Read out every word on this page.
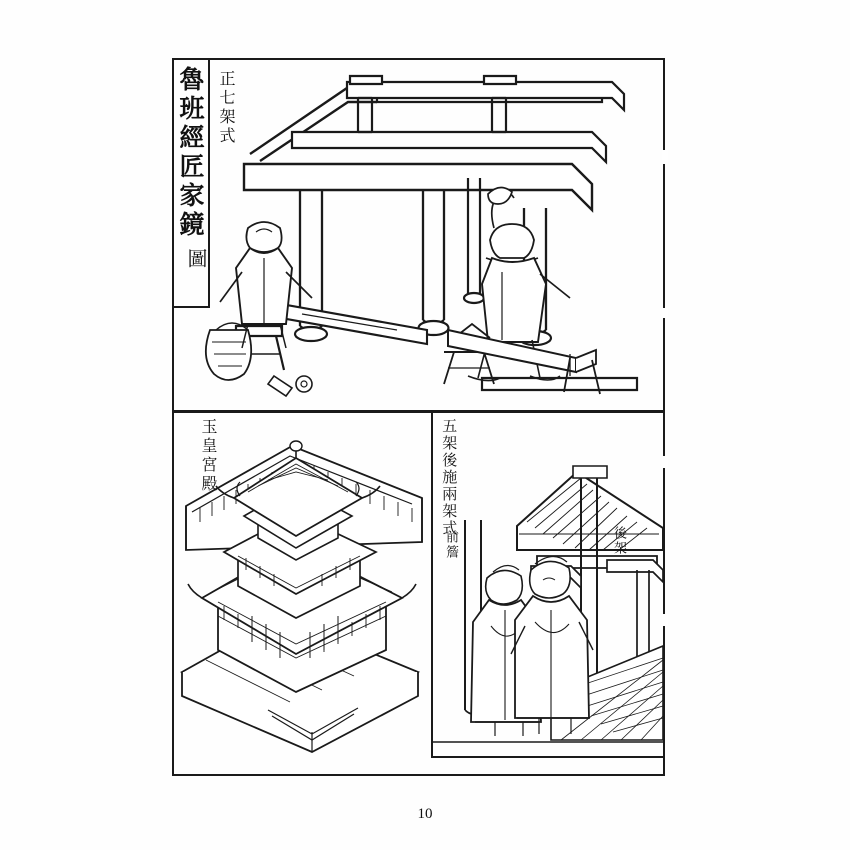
魯班經匠家鏡
圖
正七架式
玉皇宮殿	五架後施兩架式
前簷	後架
10
